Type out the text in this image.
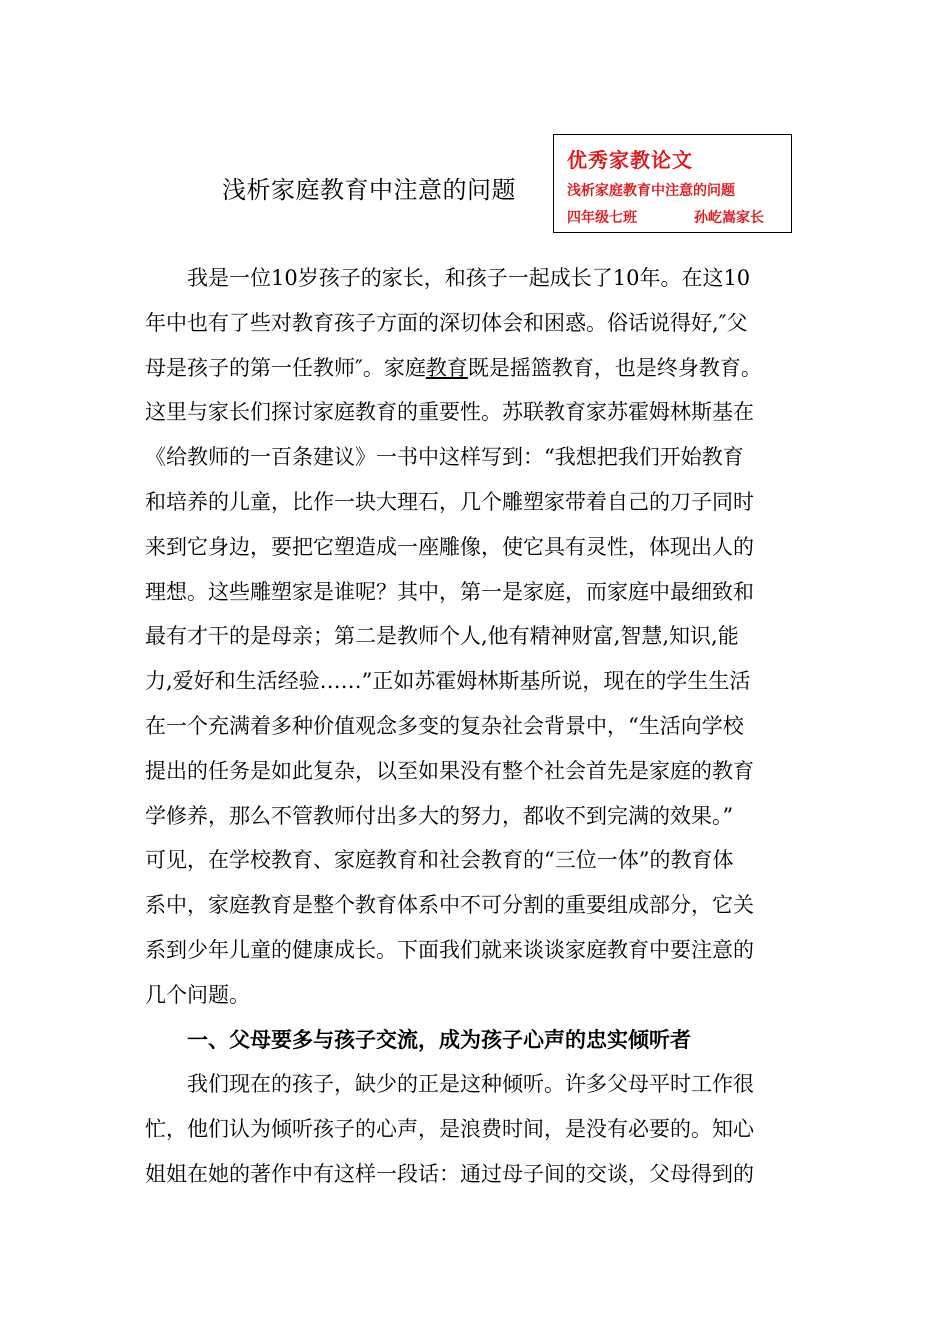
浅析家庭教育中注意的问题
优秀家教论文
浅析家庭教育中注意的问题
四年级七班	孙屹嵩家长
我是一位10岁孩子的家长，和孩子一起成长了10年。在这10
年中也有了些对教育孩子方面的深切体会和困惑。俗话说得好,″父
母是孩子的第一任教师″。家庭教育既是摇篮教育，也是终身教育。
这里与家长们探讨家庭教育的重要性。苏联教育家苏霍姆林斯基在
《给教师的一百条建议》一书中这样写到：“我想把我们开始教育
和培养的儿童，比作一块大理石，几个雕塑家带着自己的刀子同时
来到它身边，要把它塑造成一座雕像，使它具有灵性，体现出人的
理想。这些雕塑家是谁呢？其中，第一是家庭，而家庭中最细致和
最有才干的是母亲；第二是教师个人,他有精神财富,智慧,知识,能
力,爱好和生活经验……”正如苏霍姆林斯基所说，现在的学生生活
在一个充满着多种价值观念多变的复杂社会背景中，“生活向学校
提出的任务是如此复杂，以至如果没有整个社会首先是家庭的教育
学修养，那么不管教师付出多大的努力，都收不到完满的效果。”
可见，在学校教育、家庭教育和社会教育的“三位一体”的教育体
系中，家庭教育是整个教育体系中不可分割的重要组成部分，它关
系到少年儿童的健康成长。下面我们就来谈谈家庭教育中要注意的
几个问题。
一、父母要多与孩子交流，成为孩子心声的忠实倾听者
我们现在的孩子，缺少的正是这种倾听。许多父母平时工作很
忙，他们认为倾听孩子的心声，是浪费时间，是没有必要的。知心
姐姐在她的著作中有这样一段话：通过母子间的交谈，父母得到的
